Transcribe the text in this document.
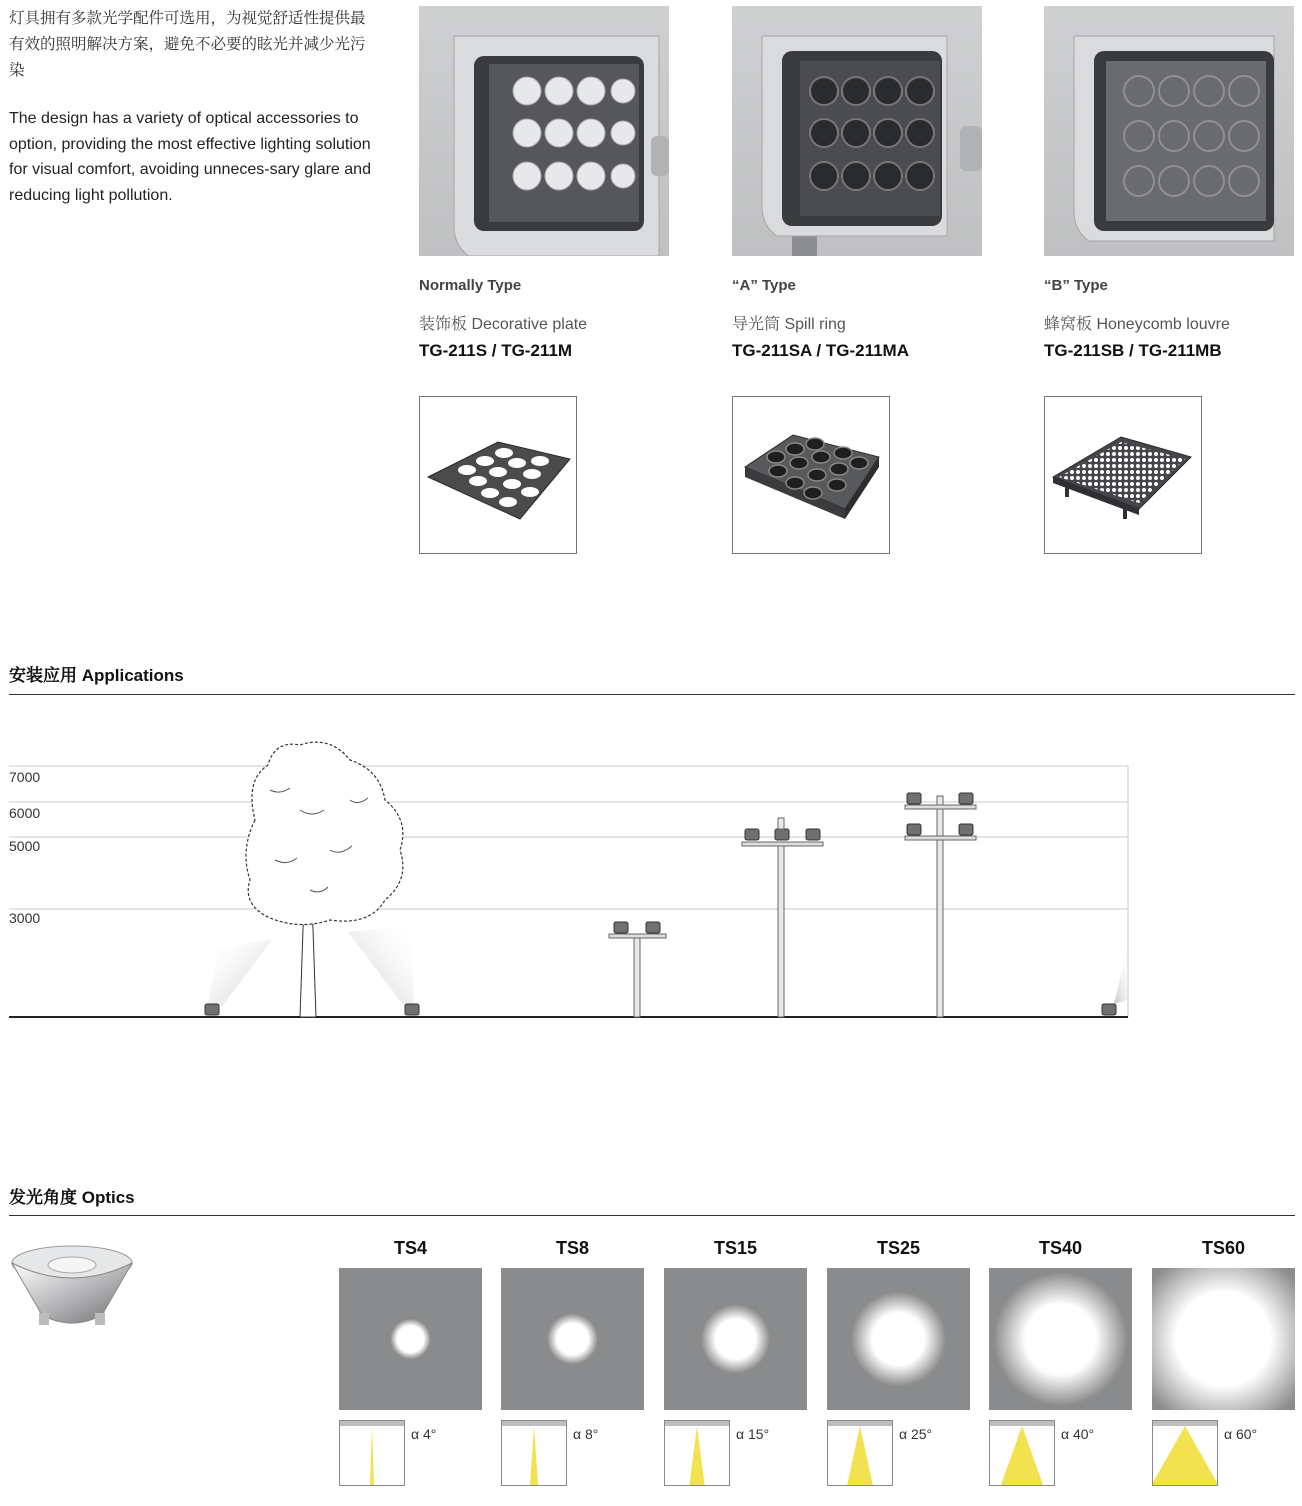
灯具拥有多款光学配件可选用，为视觉舒适性提供最有效的照明解决方案，避免不必要的眩光并减少光污染
The design has a variety of optical accessories to option, providing the most effective lighting solution for visual comfort, avoiding unneces-sary glare and reducing light pollution.
Normally Type
装饰板 Decorative plate
TG-211S / TG-211M
“A” Type
导光筒 Spill ring
TG-211SA / TG-211MA
“B” Type
蜂窝板 Honeycomb louvre
TG-211SB / TG-211MB
安装应用 Applications
7000
6000
5000
3000
发光角度 Optics
TS4
α 4°
TS8
α 8°
TS15
α 15°
TS25
α 25°
TS40
α 40°
TS60
α 60°
